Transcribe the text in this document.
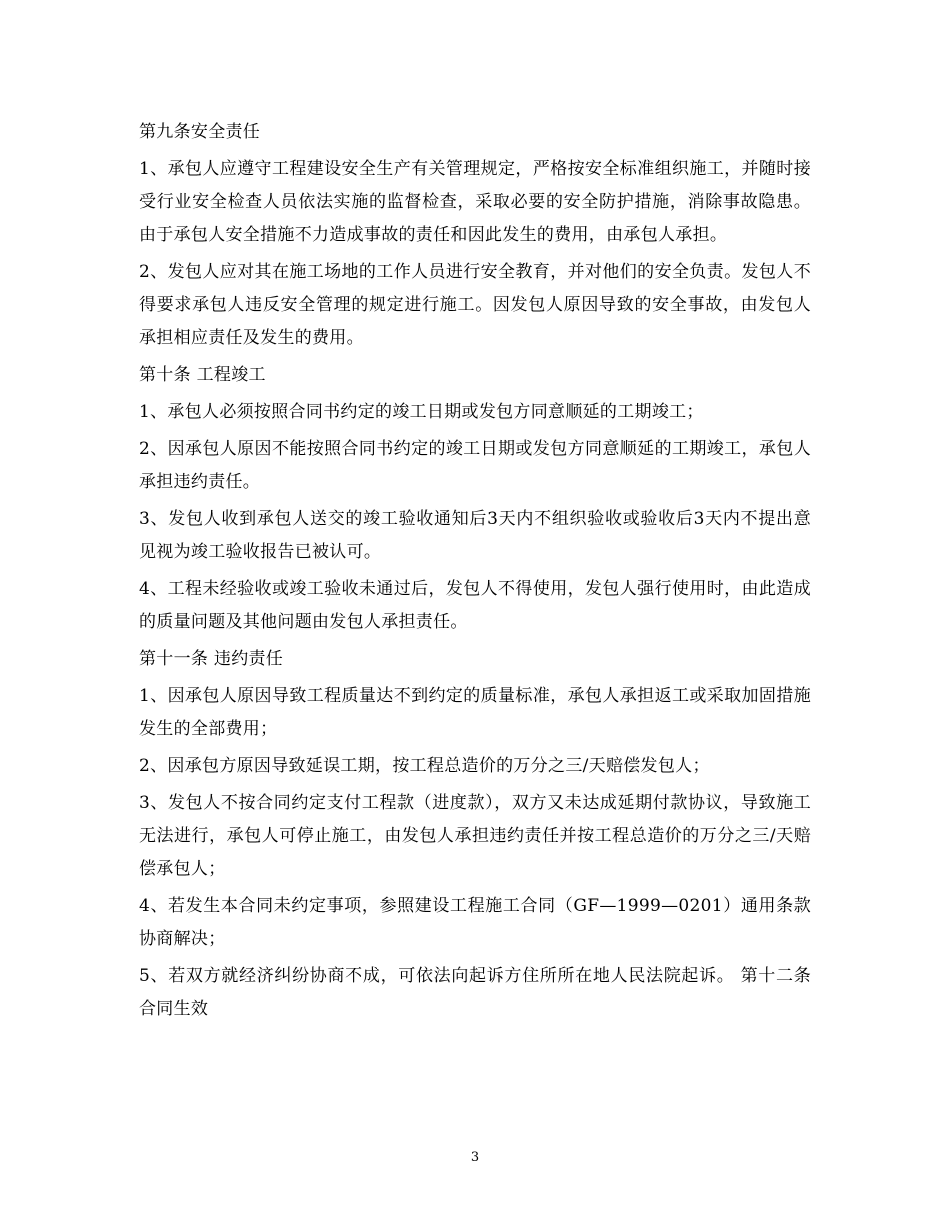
第九条安全责任

1、承包人应遵守工程建设安全生产有关管理规定，严格按安全标准组织施工，并随时接受行业安全检查人员依法实施的监督检查，采取必要的安全防护措施，消除事故隐患。由于承包人安全措施不力造成事故的责任和因此发生的费用，由承包人承担。

2、发包人应对其在施工场地的工作人员进行安全教育，并对他们的安全负责。发包人不得要求承包人违反安全管理的规定进行施工。因发包人原因导致的安全事故，由发包人承担相应责任及发生的费用。

第十条 工程竣工

1、承包人必须按照合同书约定的竣工日期或发包方同意顺延的工期竣工；

2、因承包人原因不能按照合同书约定的竣工日期或发包方同意顺延的工期竣工，承包人承担违约责任。

3、发包人收到承包人送交的竣工验收通知后3天内不组织验收或验收后3天内不提出意见视为竣工验收报告已被认可。

4、工程未经验收或竣工验收未通过后，发包人不得使用，发包人强行使用时，由此造成的质量问题及其他问题由发包人承担责任。

第十一条 违约责任

1、因承包人原因导致工程质量达不到约定的质量标准，承包人承担返工或采取加固措施发生的全部费用；

2、因承包方原因导致延误工期，按工程总造价的万分之三/天赔偿发包人；

3、发包人不按合同约定支付工程款（进度款），双方又未达成延期付款协议，导致施工无法进行，承包人可停止施工，由发包人承担违约责任并按工程总造价的万分之三/天赔偿承包人；

4、若发生本合同未约定事项，参照建设工程施工合同（GF—1999—0201）通用条款协商解决；

5、若双方就经济纠纷协商不成，可依法向起诉方住所所在地人民法院起诉。 第十二条 合同生效

3
